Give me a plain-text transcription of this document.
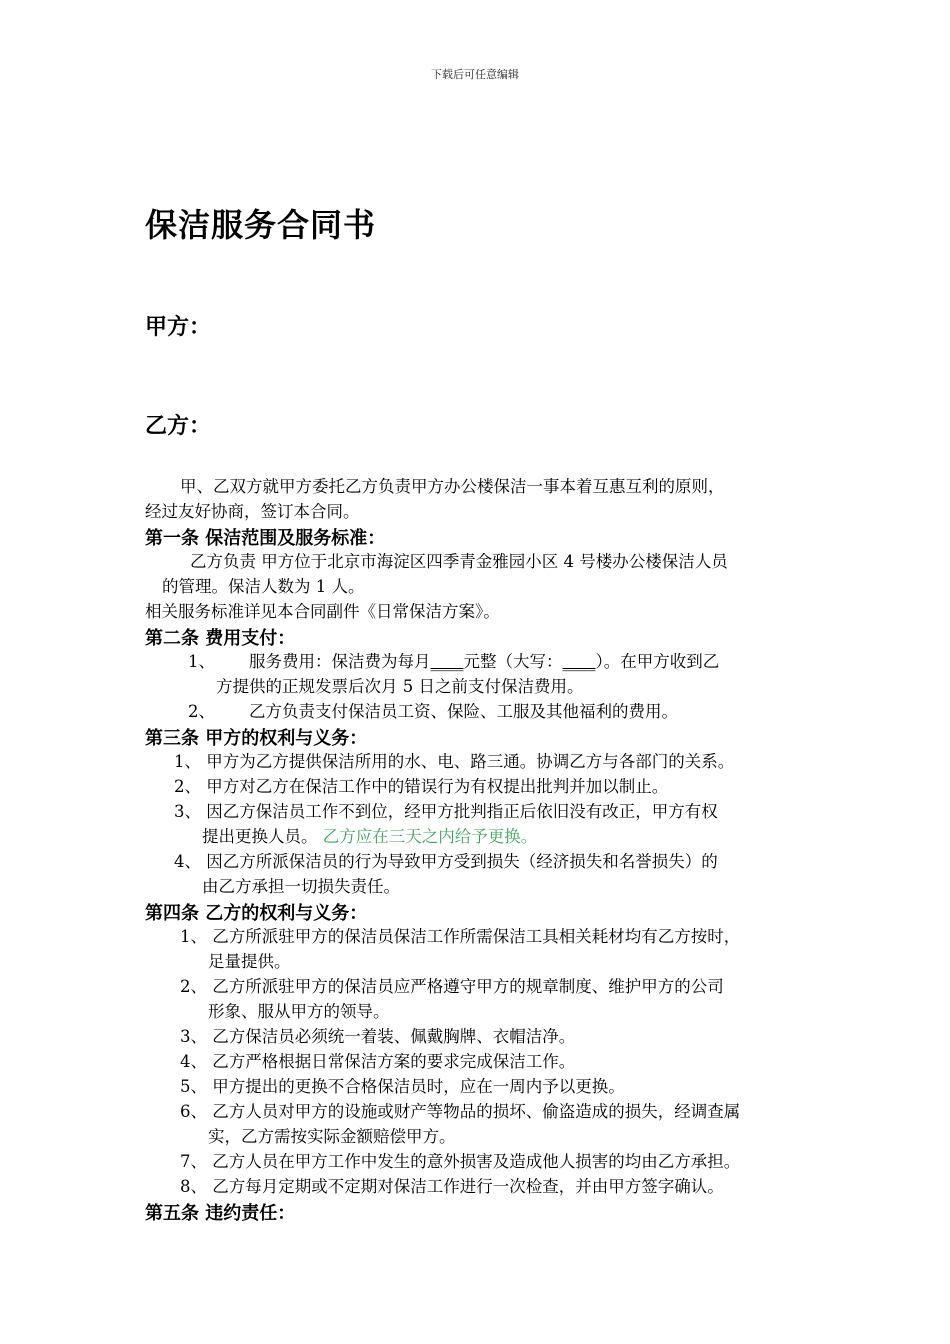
下载后可任意编辑
保洁服务合同书
甲方：
乙方：
甲、乙双方就甲方委托乙方负责甲方办公楼保洁一事本着互惠互利的原则，
经过友好协商，签订本合同。
第一条 保洁范围及服务标准：
乙方负责 甲方位于北京市海淀区四季青金雅园小区 4 号楼办公楼保洁人员
的管理。保洁人数为 1 人。
相关服务标准详见本合同副件《日常保洁方案》。
第二条 费用支付：
1、 服务费用：保洁费为每月____元整（大写：____）。在甲方收到乙
方提供的正规发票后次月 5 日之前支付保洁费用。
2、 乙方负责支付保洁员工资、保险、工服及其他福利的费用。
第三条 甲方的权利与义务：
1、 甲方为乙方提供保洁所用的水、电、路三通。协调乙方与各部门的关系。
2、 甲方对乙方在保洁工作中的错误行为有权提出批判并加以制止。
3、 因乙方保洁员工作不到位，经甲方批判指正后依旧没有改正，甲方有权
提出更换人员。 乙方应在三天之内给予更换。
4、 因乙方所派保洁员的行为导致甲方受到损失（经济损失和名誉损失）的
由乙方承担一切损失责任。
第四条 乙方的权利与义务：
1、 乙方所派驻甲方的保洁员保洁工作所需保洁工具相关耗材均有乙方按时，
足量提供。
2、 乙方所派驻甲方的保洁员应严格遵守甲方的规章制度、维护甲方的公司
形象、服从甲方的领导。
3、 乙方保洁员必须统一着装、佩戴胸牌、衣帽洁净。
4、 乙方严格根据日常保洁方案的要求完成保洁工作。
5、 甲方提出的更换不合格保洁员时，应在一周内予以更换。
6、 乙方人员对甲方的设施或财产等物品的损坏、偷盗造成的损失，经调查属
实，乙方需按实际金额赔偿甲方。
7、 乙方人员在甲方工作中发生的意外损害及造成他人损害的均由乙方承担。
8、 乙方每月定期或不定期对保洁工作进行一次检查，并由甲方签字确认。
第五条 违约责任：
